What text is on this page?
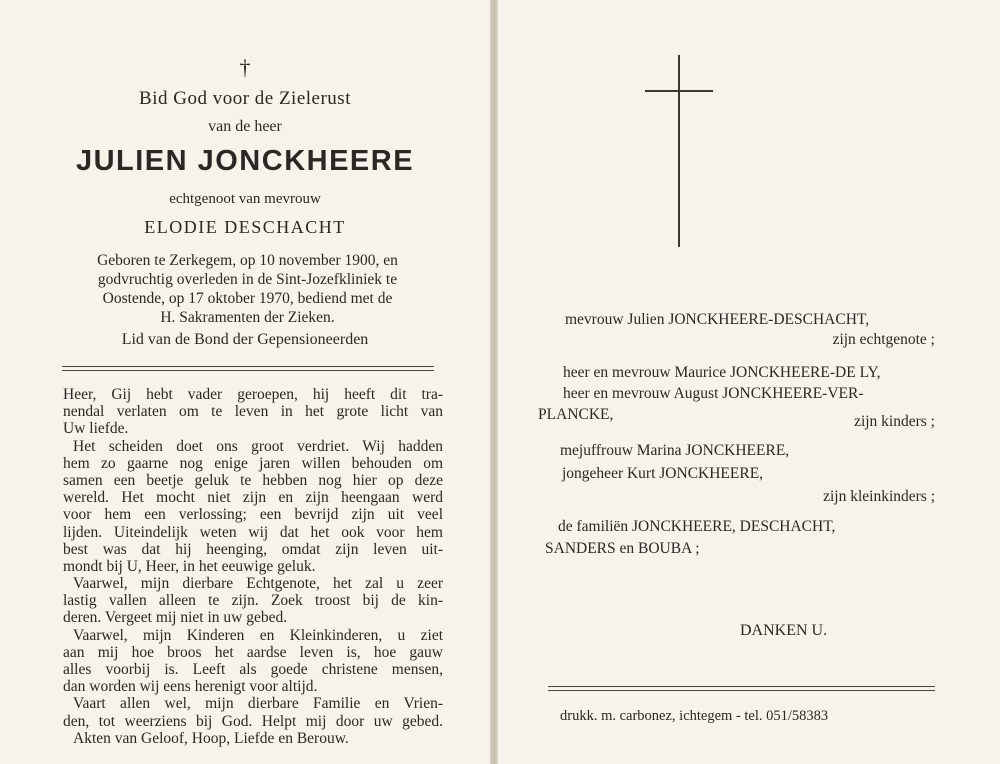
†
Bid God voor de Zielerust
van de heer
JULIEN JONCKHEERE
echtgenoot van mevrouw
ELODIE DESCHACHT
Geboren te Zerkegem, op 10 november 1900, en
godvruchtig overleden in de Sint-Jozefkliniek te
Oostende, op 17 oktober 1970, bediend met de
H. Sakramenten der Zieken.
Lid van de Bond der Gepensioneerden
Heer, Gij hebt vader geroepen, hij heeft dit tra-
nendal verlaten om te leven in het grote licht van
Uw liefde.
Het scheiden doet ons groot verdriet. Wij hadden
hem zo gaarne nog enige jaren willen behouden om
samen een beetje geluk te hebben nog hier op deze
wereld. Het mocht niet zijn en zijn heengaan werd
voor hem een verlossing; een bevrijd zijn uit veel
lijden. Uiteindelijk weten wij dat het ook voor hem
best was dat hij heenging, omdat zijn leven uit-
mondt bij U, Heer, in het eeuwige geluk.
Vaarwel, mijn dierbare Echtgenote, het zal u zeer
lastig vallen alleen te zijn. Zoek troost bij de kin-
deren. Vergeet mij niet in uw gebed.
Vaarwel, mijn Kinderen en Kleinkinderen, u ziet
aan mij hoe broos het aardse leven is, hoe gauw
alles voorbij is. Leeft als goede christene mensen,
dan worden wij eens herenigt voor altijd.
Vaart allen wel, mijn dierbare Familie en Vrien-
den, tot weerziens bij God. Helpt mij door uw gebed.
Akten van Geloof, Hoop, Liefde en Berouw.
mevrouw Julien JONCKHEERE-DESCHACHT,
zijn echtgenote ;
heer en mevrouw Maurice JONCKHEERE-DE LY,
heer en mevrouw August JONCKHEERE-VER-
PLANCKE,	zijn kinders ;
mejuffrouw Marina JONCKHEERE,
jongeheer Kurt JONCKHEERE,
zijn kleinkinders ;
de familiën JONCKHEERE, DESCHACHT,
SANDERS en BOUBA ;
DANKEN U.
drukk. m. carbonez, ichtegem - tel. 051/58383
